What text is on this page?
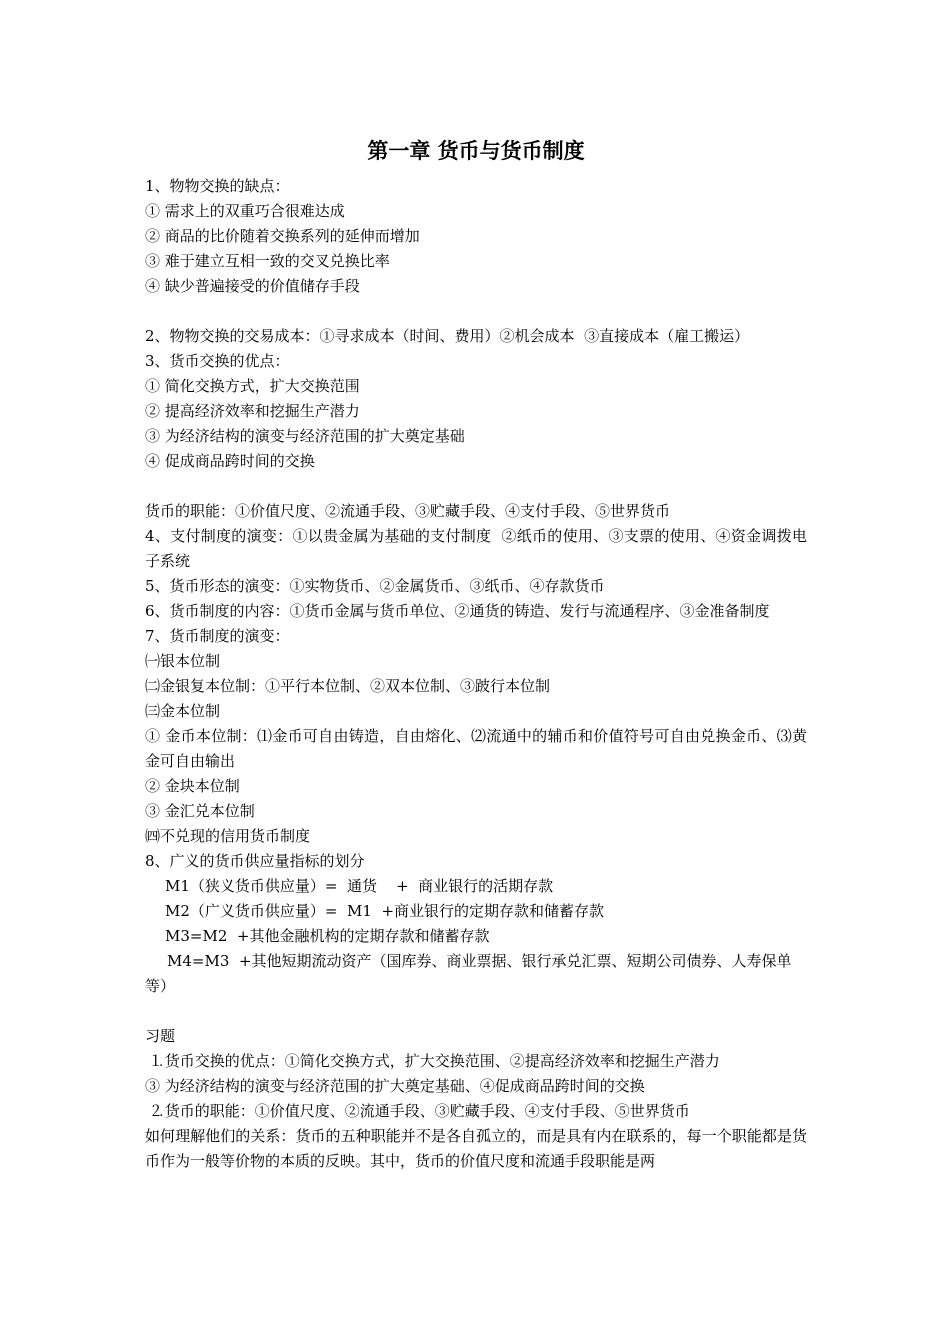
第一章 货币与货币制度
1、物物交换的缺点：
① 需求上的双重巧合很难达成
② 商品的比价随着交换系列的延伸而增加
③ 难于建立互相一致的交叉兑换比率
④ 缺少普遍接受的价值储存手段
2、物物交换的交易成本：①寻求成本（时间、费用）②机会成本  ③直接成本（雇工搬运）
3、货币交换的优点：
① 简化交换方式，扩大交换范围
② 提高经济效率和挖掘生产潜力
③ 为经济结构的演变与经济范围的扩大奠定基础
④ 促成商品跨时间的交换
货币的职能：①价值尺度、②流通手段、③贮藏手段、④支付手段、⑤世界货币
4、支付制度的演变：①以贵金属为基础的支付制度  ②纸币的使用、③支票的使用、④资金调拨电子系统
5、货币形态的演变：①实物货币、②金属货币、③纸币、④存款货币
6、货币制度的内容：①货币金属与货币单位、②通货的铸造、发行与流通程序、③金准备制度
7、货币制度的演变：
㈠银本位制
㈡金银复本位制：①平行本位制、②双本位制、③跛行本位制
㈢金本位制
① 金币本位制：⑴金币可自由铸造，自由熔化、⑵流通中的辅币和价值符号可自由兑换金币、⑶黄金可自由输出
② 金块本位制
③ 金汇兑本位制
㈣不兑现的信用货币制度
8、广义的货币供应量指标的划分
M1（狭义货币供应量）=  通货    +  商业银行的活期存款
M2（广义货币供应量）=  M1  +商业银行的定期存款和储蓄存款
M3=M2  +其他金融机构的定期存款和储蓄存款
M4=M3  +其他短期流动资产（国库券、商业票据、银行承兑汇票、短期公司债券、人寿保单等）
习题
⒈货币交换的优点：①简化交换方式，扩大交换范围、②提高经济效率和挖掘生产潜力
③ 为经济结构的演变与经济范围的扩大奠定基础、④促成商品跨时间的交换
⒉货币的职能：①价值尺度、②流通手段、③贮藏手段、④支付手段、⑤世界货币
如何理解他们的关系：货币的五种职能并不是各自孤立的，而是具有内在联系的，每一个职能都是货币作为一般等价物的本质的反映。其中，货币的价值尺度和流通手段职能是两
